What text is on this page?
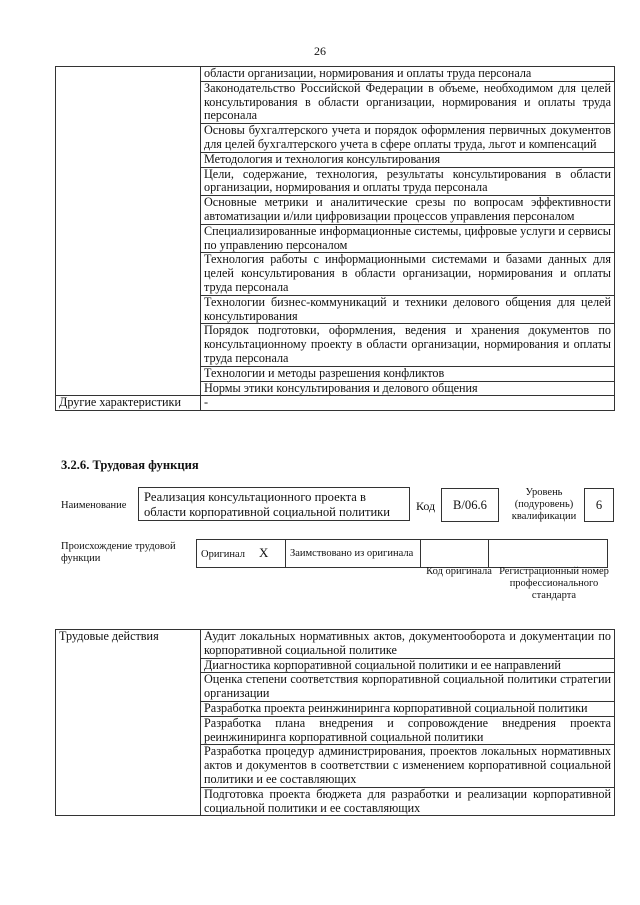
26
	области организации, нормирования и оплаты труда персонала
	Законодательство Российской Федерации в объеме, необходимом для целей консультирования в области организации, нормирования и оплаты труда персонала
	Основы бухгалтерского учета и порядок оформления первичных документов для целей бухгалтерского учета в сфере оплаты труда, льгот и компенсаций
	Методология и технология консультирования
	Цели, содержание, технология, результаты консультирования в области организации, нормирования и оплаты труда персонала
	Основные метрики и аналитические срезы по вопросам эффективности автоматизации и/или цифровизации процессов управления персоналом
	Специализированные информационные системы, цифровые услуги и сервисы по управлению персоналом
	Технология работы с информационными системами и базами данных для целей консультирования в области организации, нормирования и оплаты труда персонала
	Технологии бизнес-коммуникаций и техники делового общения для целей консультирования
	Порядок подготовки, оформления, ведения и хранения документов по консультационному проекту в области организации, нормирования и оплаты труда персонала
	Технологии и методы разрешения конфликтов
	Нормы этики консультирования и делового общения
Другие характеристики	-
3.2.6. Трудовая функция
Наименование
Реализация консультационного проекта в области корпоративной социальной политики	Код	B/06.6
Уровень (подуровень) квалификации
6
Происхождение трудовой функции	Оригинал X	Заимствовано из оригинала		
Код оригинала Регистрационный номер профессионального стандарта
Трудовые действия	Аудит локальных нормативных актов, документооборота и документации по корпоративной социальной политике
Диагностика корпоративной социальной политики и ее направлений
Оценка степени соответствия корпоративной социальной политики стратегии организации
Разработка проекта реинжиниринга корпоративной социальной политики
Разработка плана внедрения и сопровождение внедрения проекта реинжиниринга корпоративной социальной политики
Разработка процедур администрирования, проектов локальных нормативных актов и документов в соответствии с изменением корпоративной социальной политики и ее составляющих
Подготовка проекта бюджета для разработки и реализации корпоративной социальной политики и ее составляющих
